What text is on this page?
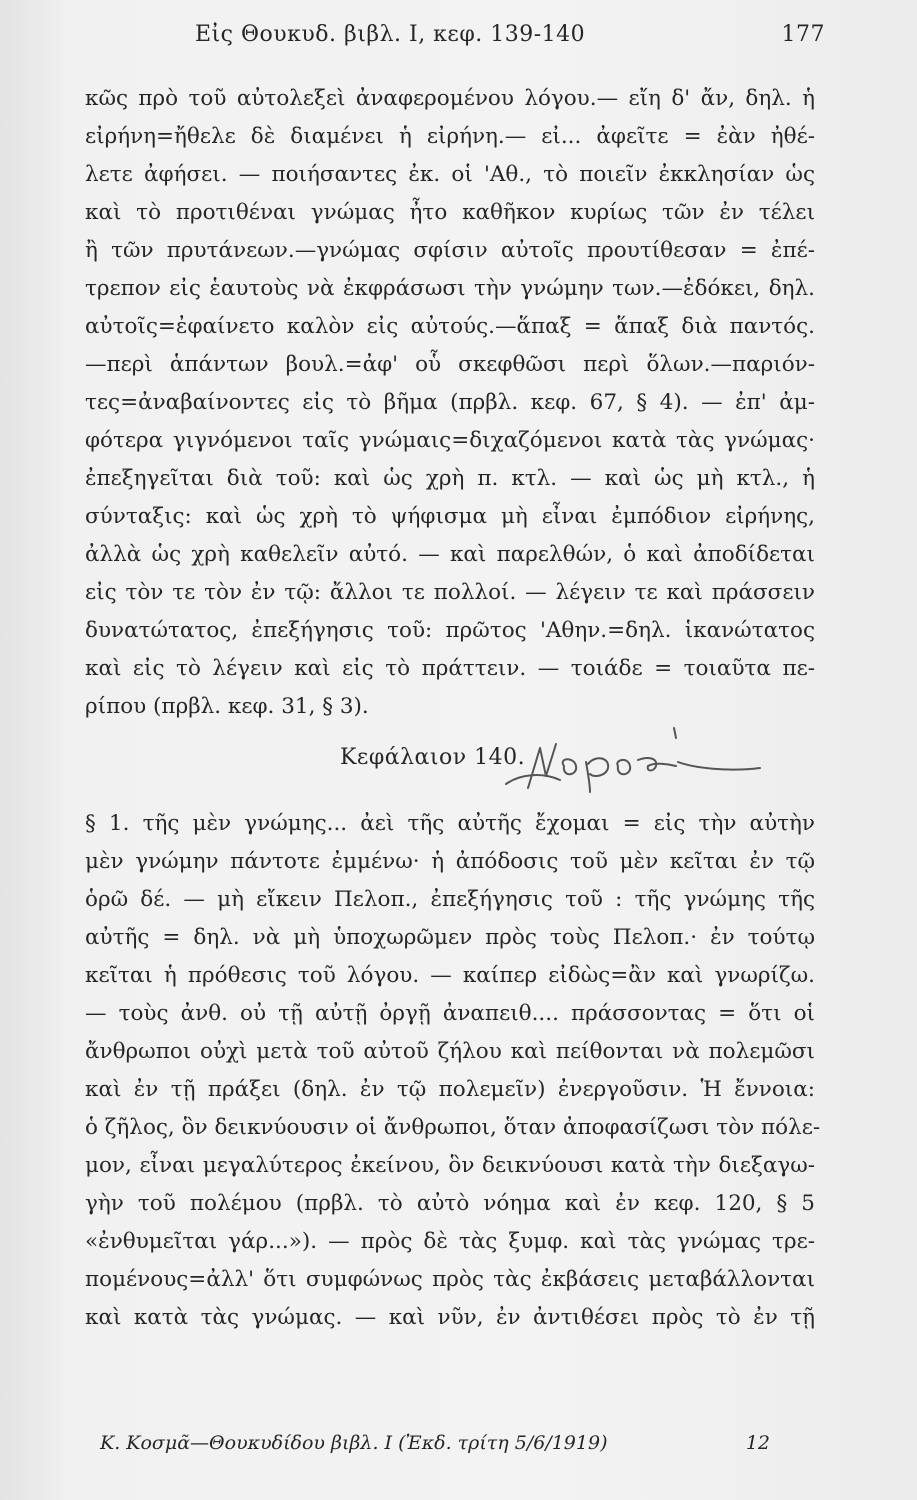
Εἰς Θουκυδ. βιβλ. I, κεφ. 139-140	177
κῶς πρὸ τοῦ αὐτολεξεὶ ἀναφερομένου λόγου.— εἴη δ' ἄν, δηλ. ἡ
εἰρήνη=ἤθελε δὲ διαμένει ἡ εἰρήνη.— εἰ... ἀφεῖτε = ἐὰν ἠθέ-
λετε ἀφήσει. — ποιήσαντες ἐκ. οἱ 'Αθ., τὸ ποιεῖν ἐκκλησίαν ὡς
καὶ τὸ προτιθέναι γνώμας ἦτο καθῆκον κυρίως τῶν ἐν τέλει
ἢ τῶν πρυτάνεων.—γνώμας σφίσιν αὐτοῖς προυτίθεσαν = ἐπέ-
τρεπον εἰς ἑαυτοὺς νὰ ἐκφράσωσι τὴν γνώμην των.—ἐδόκει, δηλ.
αὐτοῖς=ἐφαίνετο καλὸν εἰς αὐτούς.—ἅπαξ = ἅπαξ διὰ παντός.
—περὶ ἁπάντων βουλ.=ἀφ' οὗ σκεφθῶσι περὶ ὅλων.—παριόν-
τες=ἀναβαίνοντες εἰς τὸ βῆμα (πρβλ. κεφ. 67, § 4). — ἐπ' ἀμ-
φότερα γιγνόμενοι ταῖς γνώμαις=διχαζόμενοι κατὰ τὰς γνώμας·
ἐπεξηγεῖται διὰ τοῦ: καὶ ὡς χρὴ π. κτλ. — καὶ ὡς μὴ κτλ., ἡ
σύνταξις: καὶ ὡς χρὴ τὸ ψήφισμα μὴ εἶναι ἐμπόδιον εἰρήνης,
ἀλλὰ ὡς χρὴ καθελεῖν αὐτό. — καὶ παρελθών, ὁ καὶ ἀποδίδεται
εἰς τὸν τε τὸν ἐν τῷ: ἄλλοι τε πολλοί. — λέγειν τε καὶ πράσσειν
δυνατώτατος, ἐπεξήγησις τοῦ: πρῶτος 'Αθην.=δηλ. ἱκανώτατος
καὶ εἰς τὸ λέγειν καὶ εἰς τὸ πράττειν. — τοιάδε = τοιαῦτα πε-
ρίπου (πρβλ. κεφ. 31, § 3).
Κεφάλαιον 140.
§ 1. τῆς μὲν γνώμης... ἀεὶ τῆς αὐτῆς ἔχομαι = εἰς τὴν αὐτὴν
μὲν γνώμην πάντοτε ἐμμένω· ἡ ἀπόδοσις τοῦ μὲν κεῖται ἐν τῷ
ὁρῶ δέ. — μὴ εἴκειν Πελοπ., ἐπεξήγησις τοῦ : τῆς γνώμης τῆς
αὐτῆς = δηλ. νὰ μὴ ὑποχωρῶμεν πρὸς τοὺς Πελοπ.· ἐν τούτῳ
κεῖται ἡ πρόθεσις τοῦ λόγου. — καίπερ εἰδὼς=ἂν καὶ γνωρίζω.
— τοὺς ἀνθ. οὐ τῇ αὐτῇ ὀργῇ ἀναπειθ.... πράσσοντας = ὅτι οἱ
ἄνθρωποι οὐχὶ μετὰ τοῦ αὐτοῦ ζήλου καὶ πείθονται νὰ πολεμῶσι
καὶ ἐν τῇ πράξει (δηλ. ἐν τῷ πολεμεῖν) ἐνεργοῦσιν. Ἡ ἔννοια:
ὁ ζῆλος, ὃν δεικνύουσιν οἱ ἄνθρωποι, ὅταν ἀποφασίζωσι τὸν πόλε-
μον, εἶναι μεγαλύτερος ἐκείνου, ὃν δεικνύουσι κατὰ τὴν διεξαγω-
γὴν τοῦ πολέμου (πρβλ. τὸ αὐτὸ νόημα καὶ ἐν κεφ. 120, § 5
«ἐνθυμεῖται γάρ...»). — πρὸς δὲ τὰς ξυμφ. καὶ τὰς γνώμας τρε-
πομένους=ἀλλ' ὅτι συμφώνως πρὸς τὰς ἐκβάσεις μεταβάλλονται
καὶ κατὰ τὰς γνώμας. — καὶ νῦν, ἐν ἀντιθέσει πρὸς τὸ ἐν τῇ
Κ. Κοσμᾶ—Θουκυδίδου βιβλ. I (Ἐκδ. τρίτη 5/6/1919)	12
